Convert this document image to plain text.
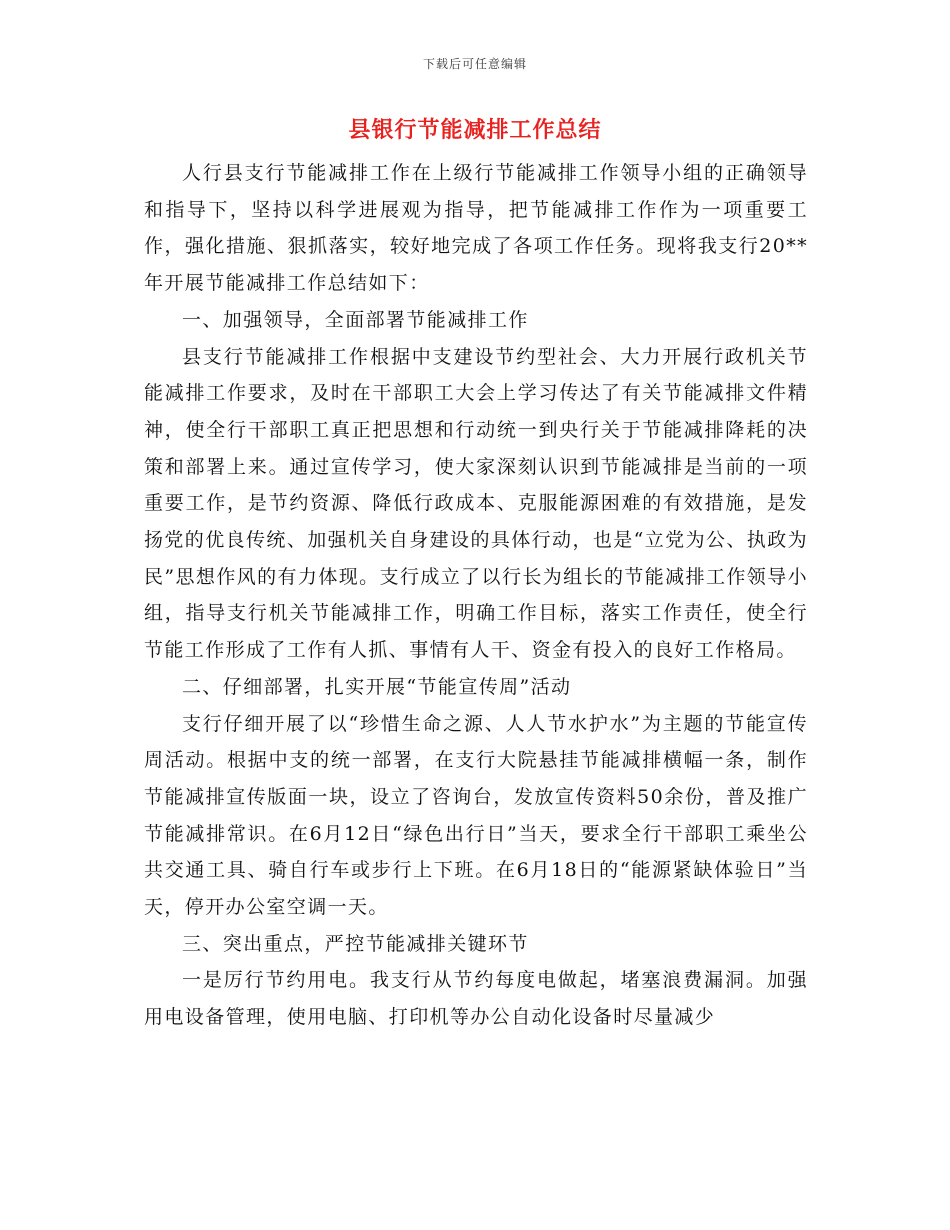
下载后可任意编辑
县银行节能减排工作总结

人行县支行节能减排工作在上级行节能减排工作领导小组的正确领导和指导下，坚持以科学进展观为指导，把节能减排工作作为一项重要工作，强化措施、狠抓落实，较好地完成了各项工作任务。现将我支行20**年开展节能减排工作总结如下：

一、加强领导，全面部署节能减排工作

县支行节能减排工作根据中支建设节约型社会、大力开展行政机关节能减排工作要求，及时在干部职工大会上学习传达了有关节能减排文件精神，使全行干部职工真正把思想和行动统一到央行关于节能减排降耗的决策和部署上来。通过宣传学习，使大家深刻认识到节能减排是当前的一项重要工作，是节约资源、降低行政成本、克服能源困难的有效措施，是发扬党的优良传统、加强机关自身建设的具体行动，也是“立党为公、执政为民”思想作风的有力体现。支行成立了以行长为组长的节能减排工作领导小组，指导支行机关节能减排工作，明确工作目标，落实工作责任，使全行节能工作形成了工作有人抓、事情有人干、资金有投入的良好工作格局。

二、仔细部署，扎实开展“节能宣传周”活动

支行仔细开展了以“珍惜生命之源、人人节水护水”为主题的节能宣传周活动。根据中支的统一部署，在支行大院悬挂节能减排横幅一条，制作节能减排宣传版面一块，设立了咨询台，发放宣传资料50余份，普及推广节能减排常识。在6月12日“绿色出行日”当天，要求全行干部职工乘坐公共交通工具、骑自行车或步行上下班。在6月18日的“能源紧缺体验日”当天，停开办公室空调一天。

三、突出重点，严控节能减排关键环节

一是厉行节约用电。我支行从节约每度电做起，堵塞浪费漏洞。加强用电设备管理，使用电脑、打印机等办公自动化设备时尽量减少
